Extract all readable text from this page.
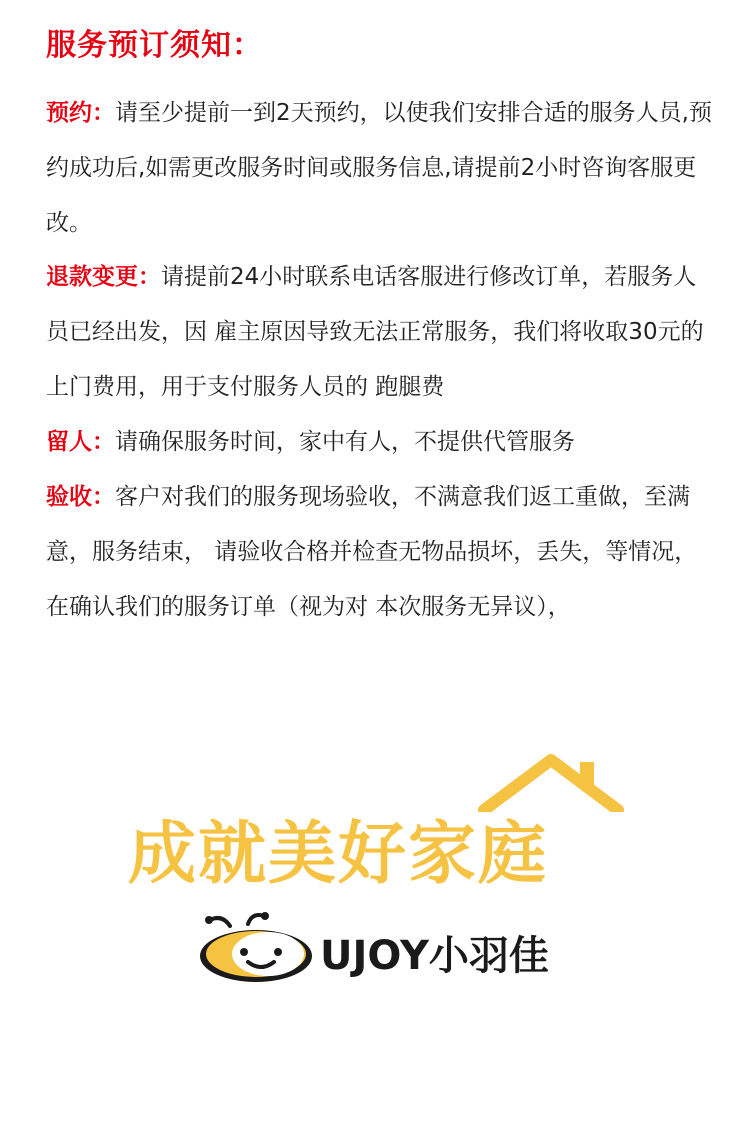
服务预订须知：
预约：请至少提前一到2天预约，以使我们安排合适的服务人员,预约成功后,如需更改服务时间或服务信息,请提前2小时咨询客服更改。
退款变更：请提前24小时联系电话客服进行修改订单，若服务人员已经出发，因 雇主原因导致无法正常服务，我们将收取30元的上门费用，用于支付服务人员的 跑腿费
留人：请确保服务时间，家中有人，不提供代管服务
验收：客户对我们的服务现场验收，不满意我们返工重做，至满意，服务结束， 请验收合格并检查无物品损坏，丢失，等情况，在确认我们的服务订单（视为对 本次服务无异议），
成就美好家庭
UJOY小羽佳
